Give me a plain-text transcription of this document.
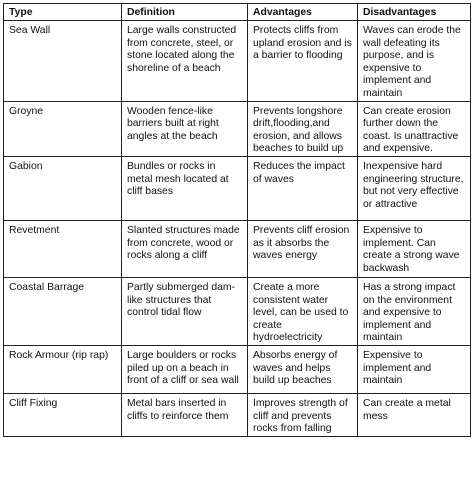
Type	Definition	Advantages	Disadvantages
Sea Wall	Large walls constructed from concrete, steel, or stone located along the shoreline of a beach	Protects cliffs from upland erosion and is a barrier to flooding	Waves can erode the wall defeating its purpose, and is expensive to implement and maintain
Groyne	Wooden fence-like barriers built at right angles at the beach	Prevents longshore drift,flooding,and erosion, and allows beaches to build up	Can create erosion further down the coast. Is unattractive and expensive.
Gabion	Bundles or rocks in metal mesh located at cliff bases	Reduces the impact of waves	Inexpensive hard engineering structure, but not very effective or attractive
Revetment	Slanted structures made from concrete, wood or rocks along a cliff	Prevents cliff erosion as it absorbs the waves energy	Expensive to implement. Can create a strong wave backwash
Coastal Barrage	Partly submerged dam-like structures that control tidal flow	Create a more consistent water level, can be used to create hydroelectricity	Has a strong impact on the environment and expensive to implement and maintain
Rock Armour (rip rap)	Large boulders or rocks piled up on a beach in front of a cliff or sea wall	Absorbs energy of waves and helps build up beaches	Expensive to implement and maintain
Cliff Fixing	Metal bars inserted in cliffs to reinforce them	Improves strength of cliff and prevents rocks from falling	Can create a metal mess
